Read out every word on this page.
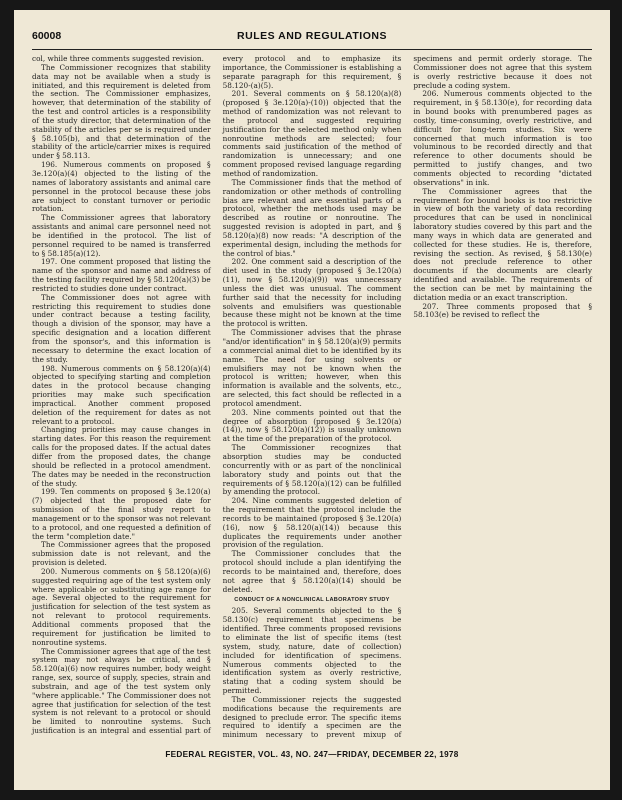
60008	RULES AND REGULATIONS

col, while three comments suggested revision.

The Commissioner recognizes that stability data may not be available when a study is initiated, and this requirement is deleted from the section. The Commissioner emphasizes, however, that determination of the stability of the test and control articles is a responsibility of the study director, that determination of the stability of the articles per se is required under § 58.105(b), and that determination of the stability of the article/carrier mixes is required under § 58.113.

196. Numerous comments on proposed § 3e.120(a)(4) objected to the listing of the names of laboratory assistants and animal care personnel in the protocol because these jobs are subject to constant turnover or periodic rotation.

The Commissioner agrees that laboratory assistants and animal care personnel need not be identified in the protocol. The list of personnel required to be named is transferred to § 58.185(a)(12).

197. One comment proposed that listing the name of the sponsor and name and address of the testing facility required by § 58.120(a)(3) be restricted to studies done under contract.

The Commissioner does not agree with restricting this requirement to studies done under contract because a testing facility, though a division of the sponsor, may have a specific designation and a location different from the sponsor's, and this information is necessary to determine the exact location of the study.

198. Numerous comments on § 58.120(a)(4) objected to specifying starting and completion dates in the protocol because changing priorities may make such specification impractical. Another comment proposed deletion of the requirement for dates as not relevant to a protocol.

Changing priorities may cause changes in starting dates. For this reason the requirement calls for the proposed dates. If the actual dates differ from the proposed dates, the change should be reflected in a protocol amendment. The dates may be needed in the reconstruction of the study.

199. Ten comments on proposed § 3e.120(a)(7) objected that the proposed date for submission of the final study report to management or to the sponsor was not relevant to a protocol, and one requested a definition of the term "completion date."

The Commissioner agrees that the proposed submission date is not relevant, and the provision is deleted.

200. Numerous comments on § 58.120(a)(6) suggested requiring age of the test system only where applicable or substituting age range for age. Several objected to the requirement for justification for selection of the test system as not relevant to protocol requirements. Additional comments proposed that the requirement for justification be limited to nonroutine systems.

The Commissioner agrees that age of the test system may not always be critical, and § 58.120(a)(6) now requires number, body weight range, sex, source of supply, species, strain and substrain, and age of the test system only "where applicable." The Commissioner does not agree that justification for selection of the test system is not relevant to a protocol or should be limited to nonroutine systems. Such justification is an integral and essential part of every protocol and to emphasize its importance, the Commissioner is establishing a separate paragraph for this requirement, § 58.120-(a)(5).

201. Several comments on § 58.120(a)(8) (proposed § 3e.120(a)-(10)) objected that the method of randomization was not relevant to the protocol and suggested requiring justification for the selected method only when nonroutine methods are selected; four comments said justification of the method of randomization is unnecessary; and one comment proposed revised language regarding method of randomization.

The Commissioner finds that the method of randomization or other methods of controlling bias are relevant and are essential parts of a protocol, whether the methods used may be described as routine or nonroutine. The suggested revision is adopted in part, and § 58.120(a)(8) now reads: "A description of the experimental design, including the methods for the control of bias."

202. One comment said a description of the diet used in the study (proposed § 3e.120(a)(11), now § 58.120(a)(9)) was unnecessary unless the diet was unusual. The comment further said that the necessity for including solvents and emulsifiers was questionable because these might not be known at the time the protocol is written.

The Commissioner advises that the phrase "and/or identification" in § 58.120(a)(9) permits a commercial animal diet to be identified by its name. The need for using solvents or emulsifiers may not be known when the protocol is written; however, when this information is available and the solvents, etc., are selected, this fact should be reflected in a protocol amendment.

203. Nine comments pointed out that the degree of absorption (proposed § 3e.120(a)(14)), now § 58.120(a)(12)) is usually unknown at the time of the preparation of the protocol.

The Commissioner recognizes that absorption studies may be conducted concurrently with or as part of the nonclinical laboratory study and points out that the requirements of § 58.120(a)(12) can be fulfilled by amending the protocol.

204. Nine comments suggested deletion of the requirement that the protocol include the records to be maintained (proposed § 3e.120(a)(16), now § 58.120(a)(14)) because this duplicates the requirements under another provision of the regulation.

The Commissioner concludes that the protocol should include a plan identifying the records to be maintained and, therefore, does not agree that § 58.120(a)(14) should be deleted.

CONDUCT OF A NONCLINICAL LABORATORY STUDY

205. Several comments objected to the § 58.130(c) requirement that specimens be identified. Three comments proposed revisions to eliminate the list of specific items (test system, study, nature, date of collection) included for identification of specimens. Numerous comments objected to the identification system as overly restrictive, stating that a coding system should be permitted.

The Commissioner rejects the suggested modifications because the requirements are designed to preclude error. The specific items required to identify a specimen are the minimum necessary to prevent mixup of specimens and permit orderly storage. The Commissioner does not agree that this system is overly restrictive because it does not preclude a coding system.

206. Numerous comments objected to the requirement, in § 58.130(e), for recording data in bound books with prenumbered pages as costly, time-consuming, overly restrictive, and difficult for long-term studies. Six were concerned that much information is too voluminous to be recorded directly and that reference to other documents should be permitted to justify changes, and two comments objected to recording "dictated observations" in ink.

The Commissioner agrees that the requirement for bound books is too restrictive in view of both the variety of data recording procedures that can be used in nonclinical laboratory studies covered by this part and the many ways in which data are generated and collected for these studies. He is, therefore, revising the section. As revised, § 58.130(e) does not preclude reference to other documents if the documents are clearly identified and available. The requirements of the section can be met by maintaining the dictation media or an exact transcription.

207. Three comments proposed that § 58.103(e) be revised to reflect the

FEDERAL REGISTER, VOL. 43, NO. 247—FRIDAY, DECEMBER 22, 1978
